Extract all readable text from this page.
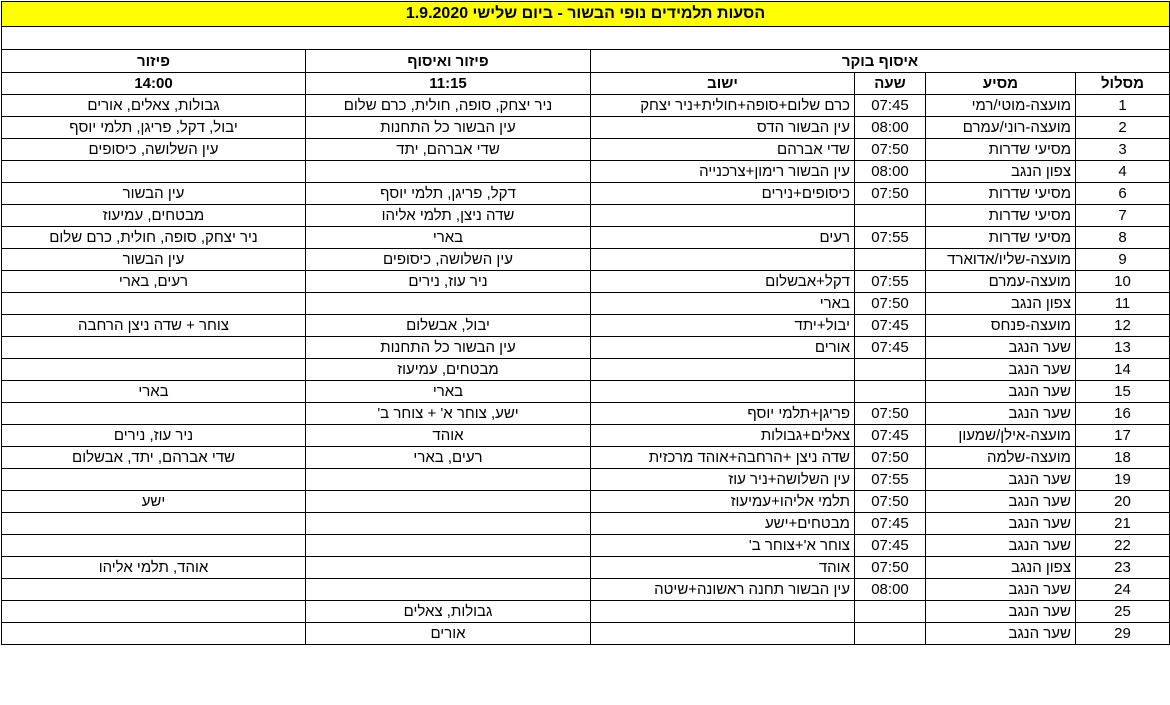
הסעות תלמידים נופי הבשור - ביום שלישי 1.9.2020					

איסוף בוקר				פיזור ואיסוף	פיזור
מסלול	מסיע	שעה	ישוב	11:15	14:00
1	מועצה-מוטי/רמי	07:45	כרם שלום+סופה+חולית+ניר יצחק	ניר יצחק, סופה, חולית, כרם שלום	גבולות, צאלים, אורים
2	מועצה-רוני/עמרם	08:00	עין הבשור הדס	עין הבשור כל התחנות	יבול, דקל, פריגן, תלמי יוסף
3	מסיעי שדרות	07:50	שדי אברהם	שדי אברהם, יתד	עין השלושה, כיסופים
4	צפון הנגב	08:00	עין הבשור רימון+צרכנייה		
6	מסיעי שדרות	07:50	כיסופים+נירים	דקל, פריגן, תלמי יוסף	עין הבשור
7	מסיעי שדרות			שדה ניצן, תלמי אליהו	מבטחים, עמיעוז
8	מסיעי שדרות	07:55	רעים	בארי	ניר יצחק, סופה, חולית, כרם שלום
9	מועצה-שליו/אדוארד			עין השלושה, כיסופים	עין הבשור
10	מועצה-עמרם	07:55	דקל+אבשלום	ניר עוז, נירים	רעים, בארי
11	צפון הנגב	07:50	בארי		
12	מועצה-פנחס	07:45	יבול+יתד	יבול, אבשלום	צוחר + שדה ניצן הרחבה
13	שער הנגב	07:45	אורים	עין הבשור כל התחנות	
14	שער הנגב			מבטחים, עמיעוז	
15	שער הנגב			בארי	בארי
16	שער הנגב	07:50	פריגן+תלמי יוסף	ישע, צוחר א' + צוחר ב'	
17	מועצה-אילן/שמעון	07:45	צאלים+גבולות	אוהד	ניר עוז, נירים
18	מועצה-שלמה	07:50	שדה ניצן +הרחבה+אוהד מרכזית	רעים, בארי	שדי אברהם, יתד, אבשלום
19	שער הנגב	07:55	עין השלושה+ניר עוז		
20	שער הנגב	07:50	תלמי אליהו+עמיעוז		ישע
21	שער הנגב	07:45	מבטחים+ישע		
22	שער הנגב	07:45	צוחר א'+צוחר ב'		
23	צפון הנגב	07:50	אוהד		אוהד, תלמי אליהו
24	שער הנגב	08:00	עין הבשור תחנה ראשונה+שיטה		
25	שער הנגב			גבולות, צאלים	
29	שער הנגב			אורים	
